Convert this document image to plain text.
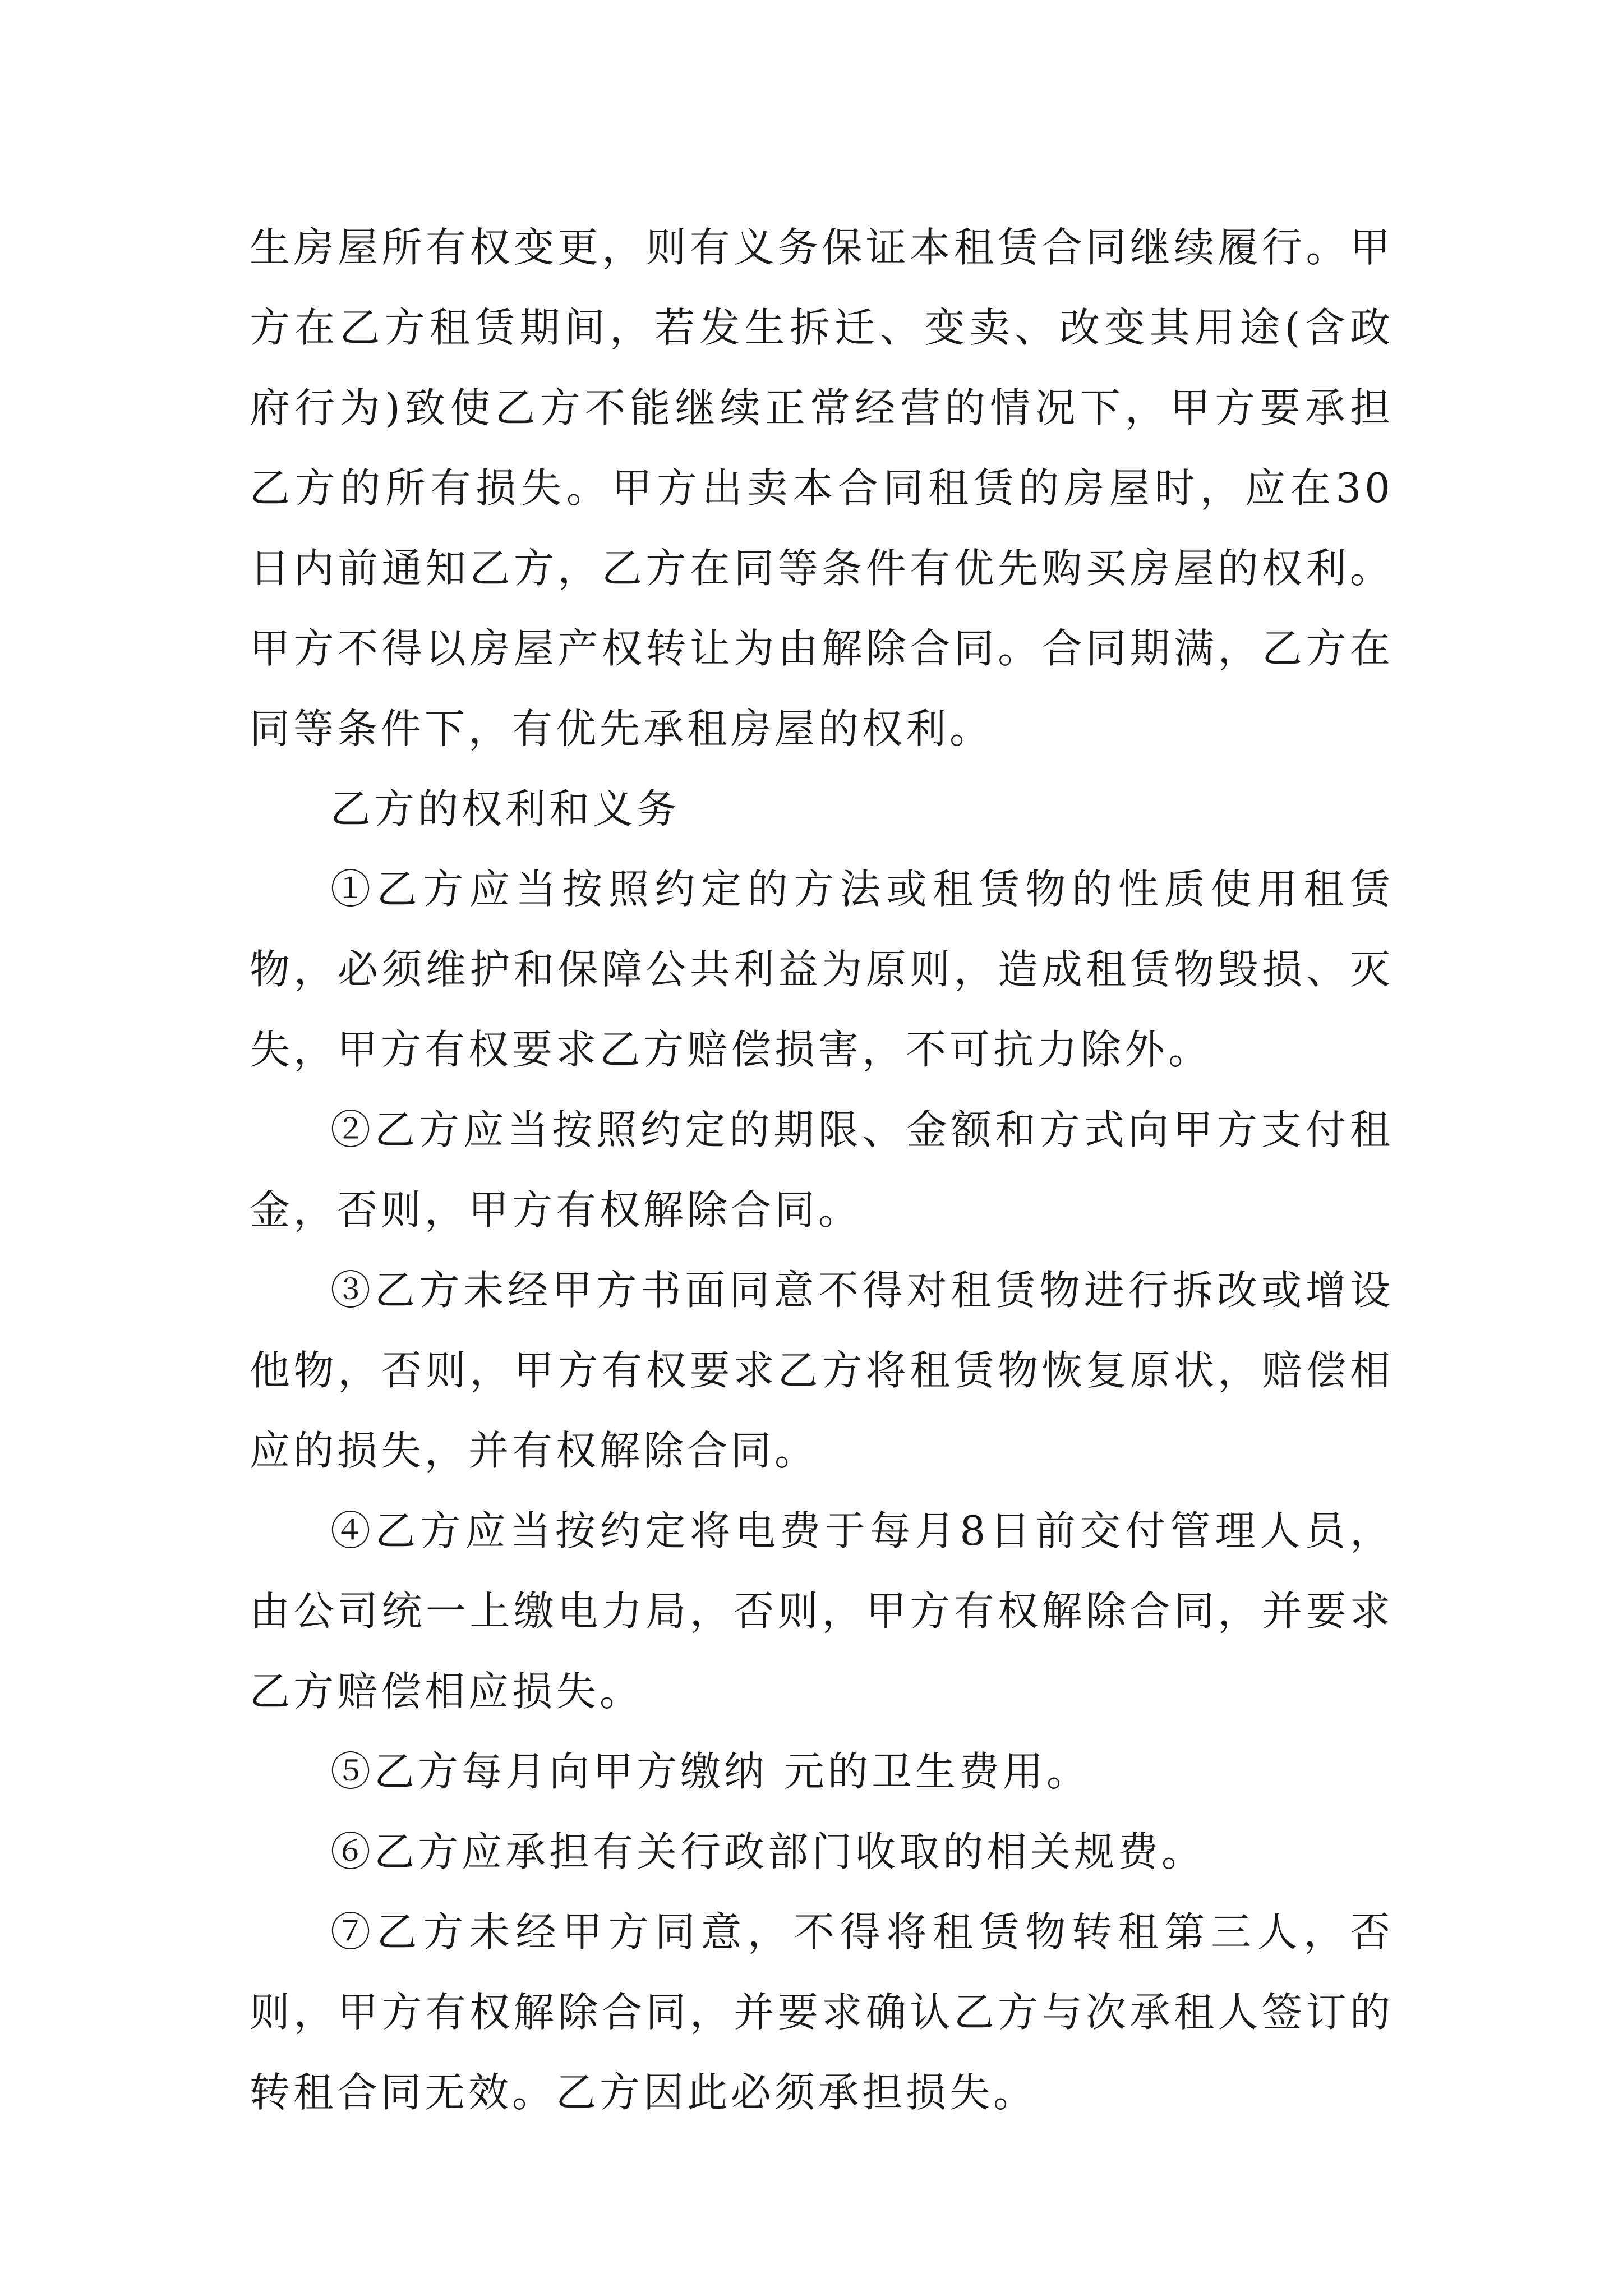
生房屋所有权变更，则有义务保证本租赁合同继续履行。甲方在乙方租赁期间，若发生拆迁、变卖、改变其用途(含政府行为)致使乙方不能继续正常经营的情况下，甲方要承担乙方的所有损失。甲方出卖本合同租赁的房屋时，应在30日内前通知乙方，乙方在同等条件有优先购买房屋的权利。甲方不得以房屋产权转让为由解除合同。合同期满，乙方在同等条件下，有优先承租房屋的权利。

乙方的权利和义务

①乙方应当按照约定的方法或租赁物的性质使用租赁物，必须维护和保障公共利益为原则，造成租赁物毁损、灭失，甲方有权要求乙方赔偿损害，不可抗力除外。

②乙方应当按照约定的期限、金额和方式向甲方支付租金，否则，甲方有权解除合同。

③乙方未经甲方书面同意不得对租赁物进行拆改或增设他物，否则，甲方有权要求乙方将租赁物恢复原状，赔偿相应的损失，并有权解除合同。

④乙方应当按约定将电费于每月8日前交付管理人员，由公司统一上缴电力局，否则，甲方有权解除合同，并要求乙方赔偿相应损失。

⑤乙方每月向甲方缴纳 元的卫生费用。

⑥乙方应承担有关行政部门收取的相关规费。

⑦乙方未经甲方同意，不得将租赁物转租第三人，否则，甲方有权解除合同，并要求确认乙方与次承租人签订的转租合同无效。乙方因此必须承担损失。
